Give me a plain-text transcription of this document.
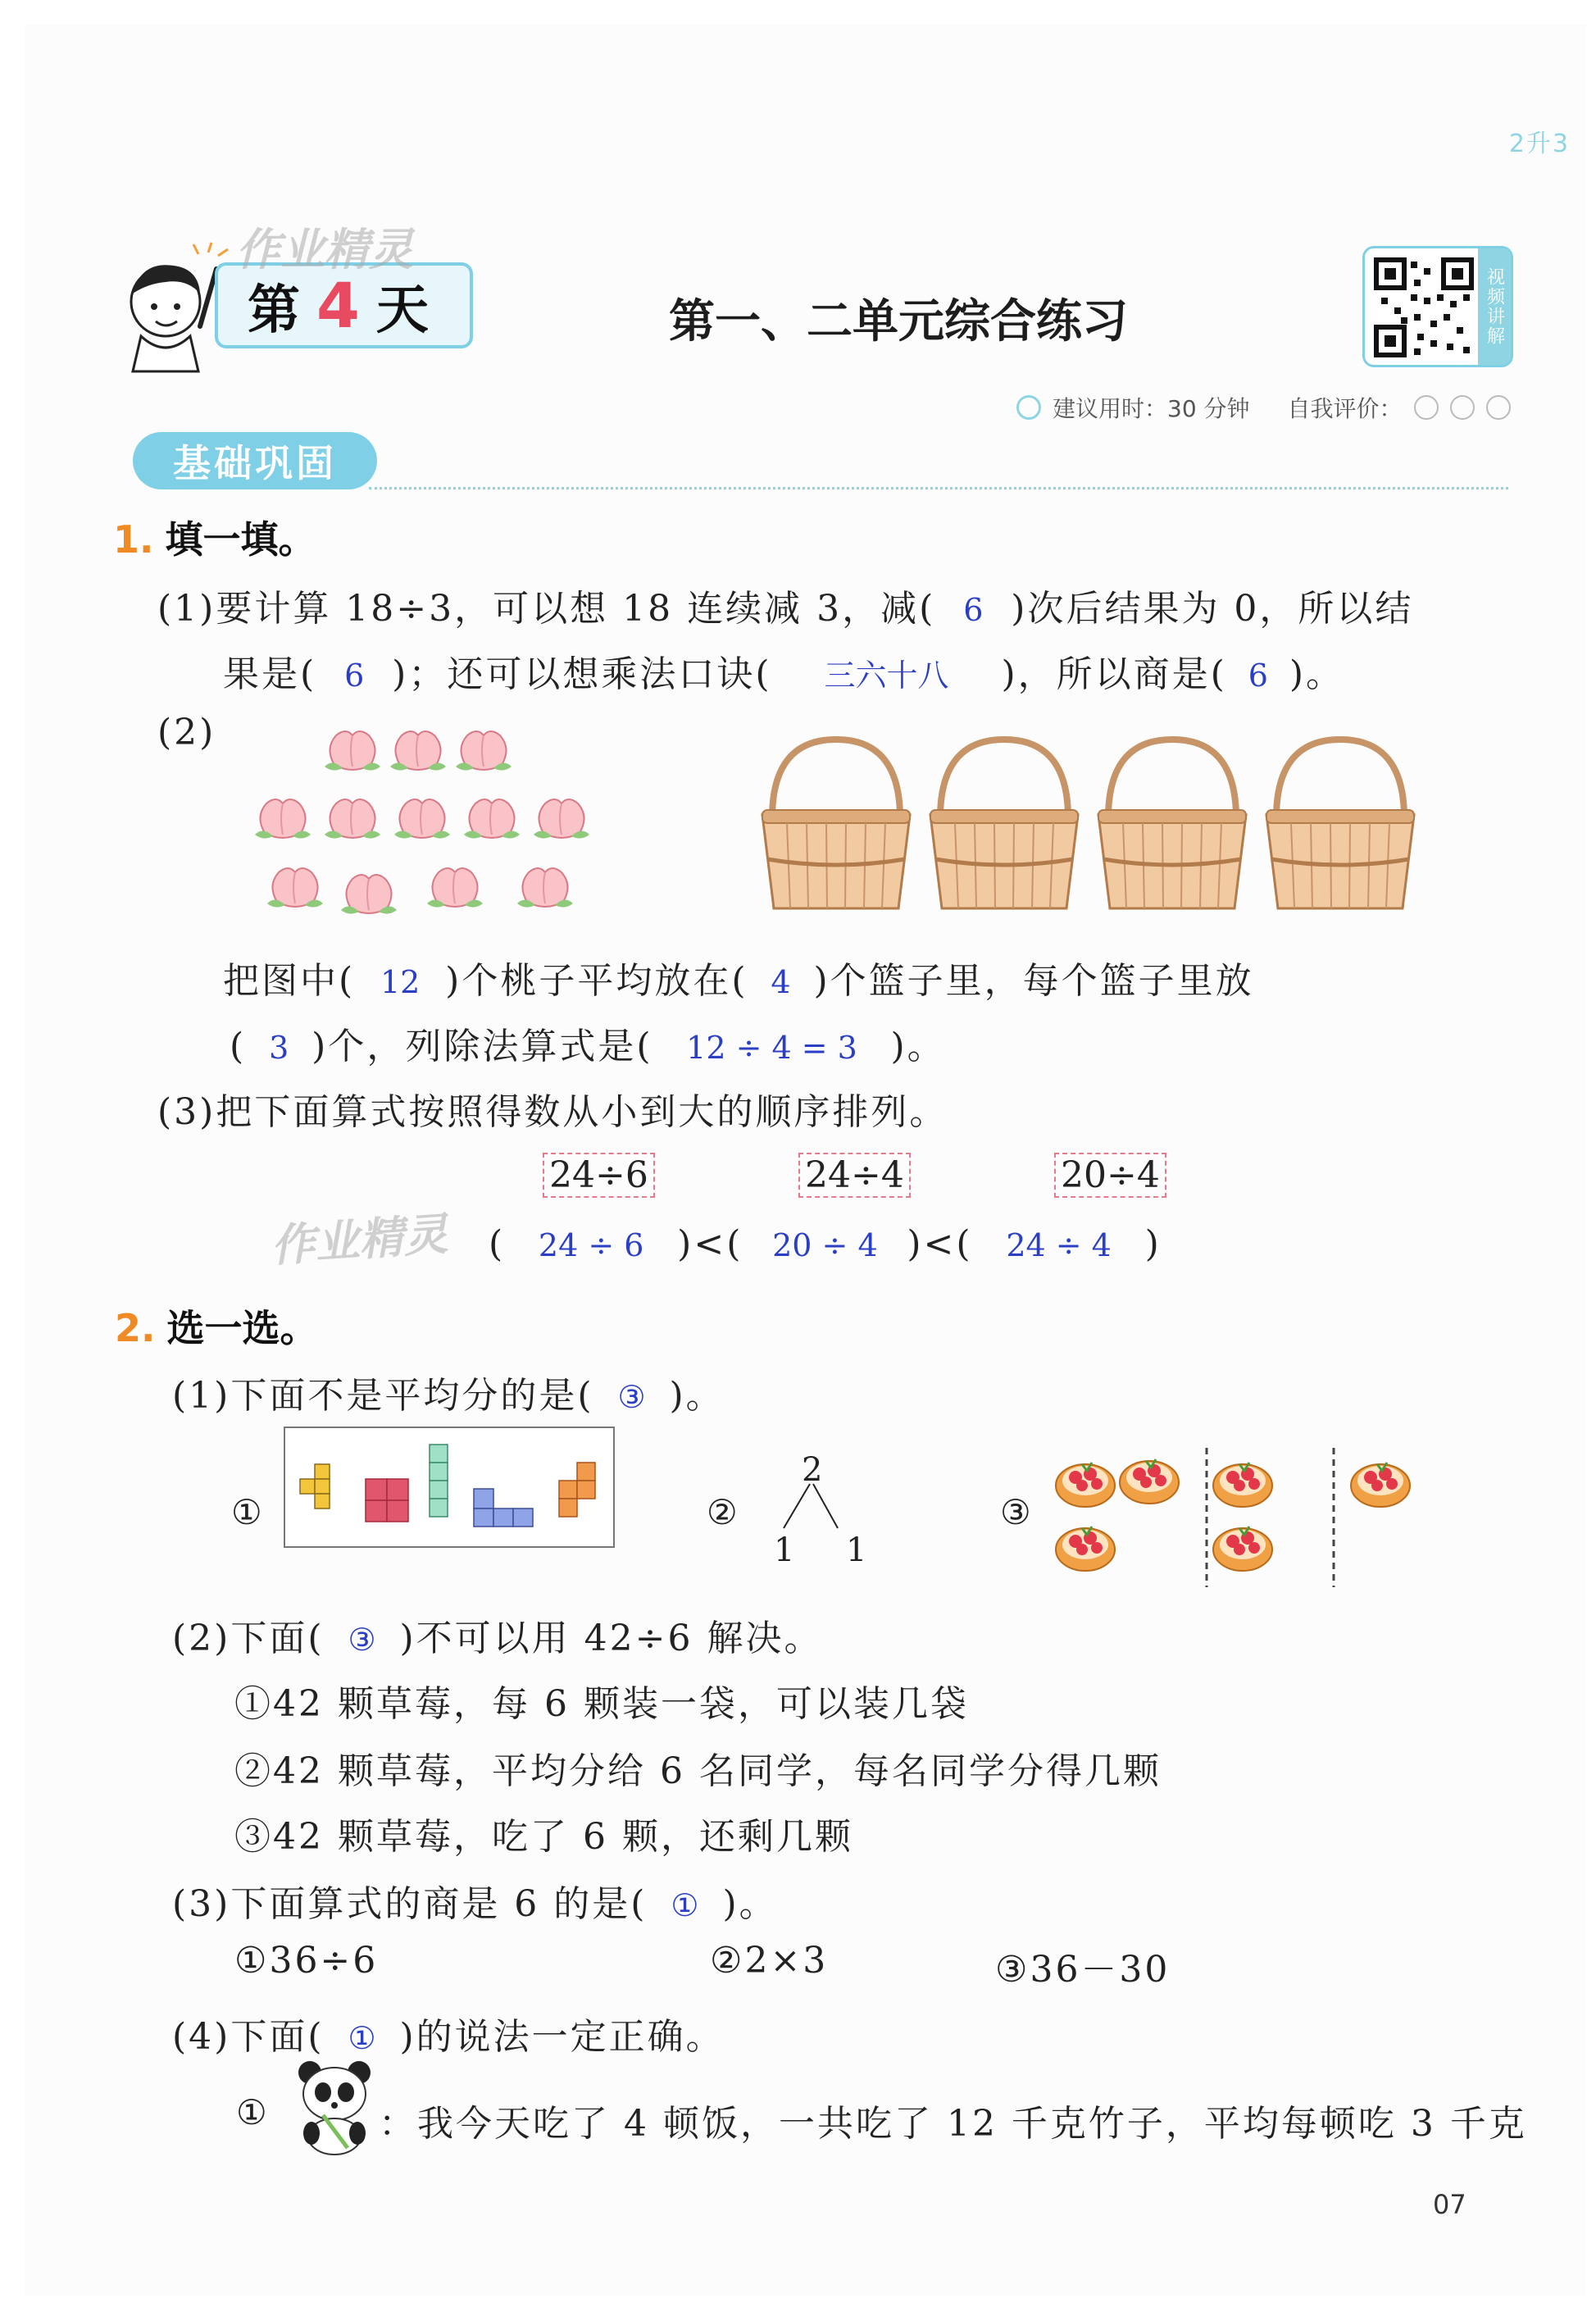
2升3
第 4 天
作业精灵
第一、二单元综合练习	视频讲解
建议用时：30 分钟 自我评价：
基础巩固
1. 填一填。
(1)要计算 18÷3，可以想 18 连续减 3，减( 6 )次后结果为 0，所以结
果是( 6 )；还可以想乘法口诀( 三六十八 )，所以商是( 6 )。
(2)
把图中( 12 )个桃子平均放在( 4 )个篮子里，每个篮子里放
( 3 )个，列除法算式是( 12 ÷ 4 = 3 )。
(3)把下面算式按照得数从小到大的顺序排列。
24÷6	24÷4	20÷4
作业精灵 ( 24 ÷ 6 )<( 20 ÷ 4 )<( 24 ÷ 4 )
2. 选一选。
(1)下面不是平均分的是( ③ )。
①	②
2
1 1
③
(2)下面( ③ )不可以用 42÷6 解决。
①42 颗草莓，每 6 颗装一袋，可以装几袋
②42 颗草莓，平均分给 6 名同学，每名同学分得几颗
③42 颗草莓，吃了 6 颗，还剩几颗
(3)下面算式的商是 6 的是( ① )。
①36÷6	②2×3	③36－30
(4)下面( ① )的说法一定正确。
①	：我今天吃了 4 顿饭，一共吃了 12 千克竹子，平均每顿吃 3 千克
07
